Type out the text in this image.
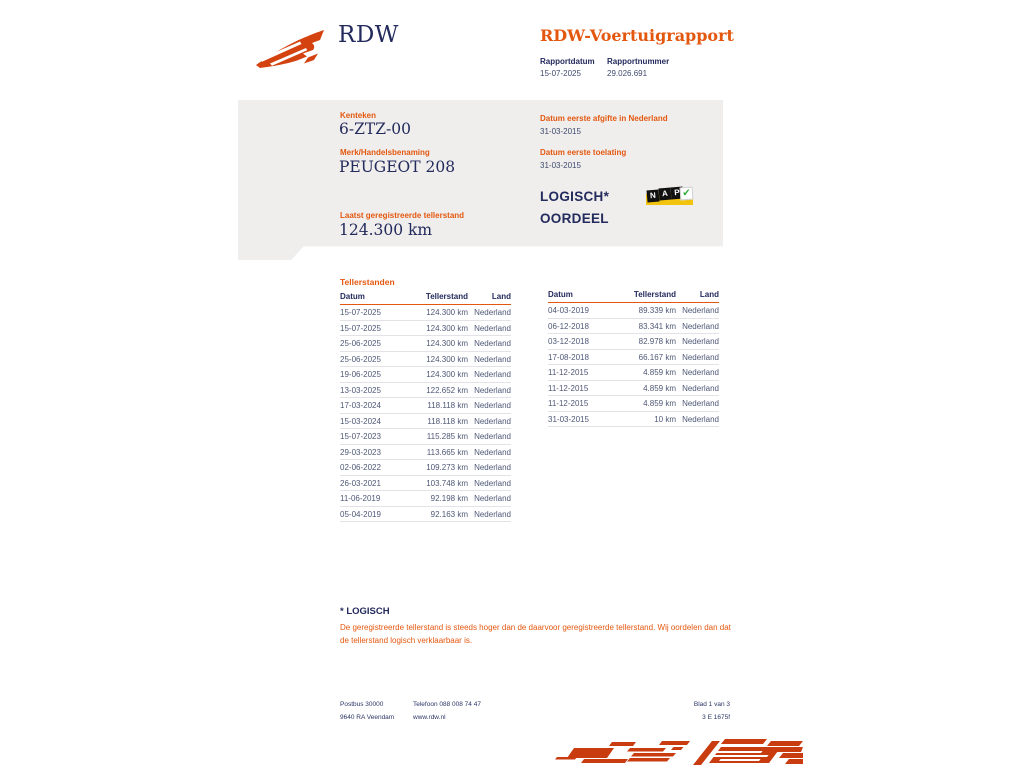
RDW	RDW-Voertuigrapport
Rapportdatum Rapportnummer
15-07-2025	29.026.691
Kenteken
6-ZTZ-00
Merk/Handelsbenaming
PEUGEOT 208
Laatst geregistreerde tellerstand
124.300 km
Datum eerste afgifte in Nederland
31-03-2015
Datum eerste toelating
31-03-2015
LOGISCH*
OORDEEL
N A P ✔
Tellerstanden
Datum	Tellerstand	Land
15-07-2025	124.300 km	Nederland
15-07-2025	124.300 km	Nederland
25-06-2025	124.300 km	Nederland
25-06-2025	124.300 km	Nederland
19-06-2025	124.300 km	Nederland
13-03-2025	122.652 km	Nederland
17-03-2024	118.118 km	Nederland
15-03-2024	118.118 km	Nederland
15-07-2023	115.285 km	Nederland
29-03-2023	113.665 km	Nederland
02-06-2022	109.273 km	Nederland
26-03-2021	103.748 km	Nederland
11-06-2019	92.198 km	Nederland
05-04-2019	92.163 km	Nederland
Datum	Tellerstand	Land
04-03-2019	89.339 km	Nederland
06-12-2018	83.341 km	Nederland
03-12-2018	82.978 km	Nederland
17-08-2018	66.167 km	Nederland
11-12-2015	4.859 km	Nederland
11-12-2015	4.859 km	Nederland
11-12-2015	4.859 km	Nederland
31-03-2015	10 km	Nederland
* LOGISCH
De geregistreerde tellerstand is steeds hoger dan de daarvoor geregistreerde tellerstand. Wij oordelen dan dat de tellerstand logisch verklaarbaar is.
Postbus 30000
9640 RA Veendam
Telefoon 088 008 74 47
www.rdw.nl
Blad 1 van 3
3 E 1675f
